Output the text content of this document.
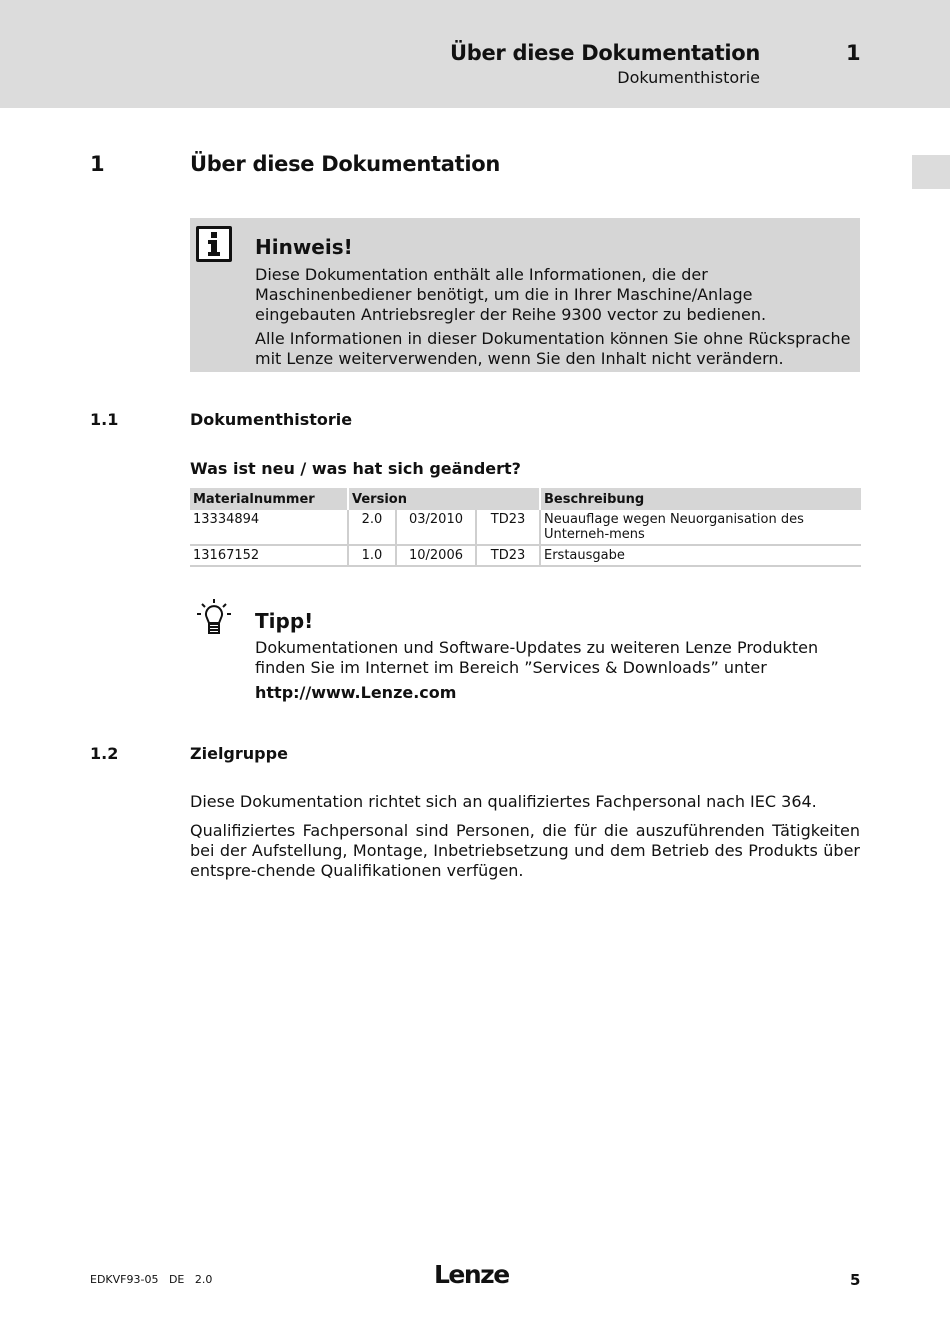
Über diese Dokumentation
Dokumenthistorie
1
1	Über diese Dokumentation
Hinweis!
Diese Dokumentation enthält alle Informationen, die der Maschinenbediener benötigt, um die in Ihrer Maschine/Anlage eingebauten Antriebsregler der Reihe 9300 vector zu bedienen.
Alle Informationen in dieser Dokumentation können Sie ohne Rücksprache mit Lenze weiterverwenden, wenn Sie den Inhalt nicht verändern.
1.1	Dokumenthistorie
Was ist neu / was hat sich geändert?
Materialnummer	Version			Beschreibung
13334894	2.0	03/2010	TD23	Neuauflage wegen Neuorganisation des Unterneh-mens
13167152	1.0	10/2006	TD23	Erstausgabe
Tipp!
Dokumentationen und Software-Updates zu weiteren Lenze Produkten finden Sie im Internet im Bereich ”Services & Downloads” unter
http://www.Lenze.com
1.2	Zielgruppe
Diese Dokumentation richtet sich an qualifiziertes Fachpersonal nach IEC 364.
Qualifiziertes Fachpersonal sind Personen, die für die auszuführenden Tätigkeiten bei der Aufstellung, Montage, Inbetriebsetzung und dem Betrieb des Produkts über entspre-chende Qualifikationen verfügen.
EDKVF93-05   DE   2.0	Lenze	5
